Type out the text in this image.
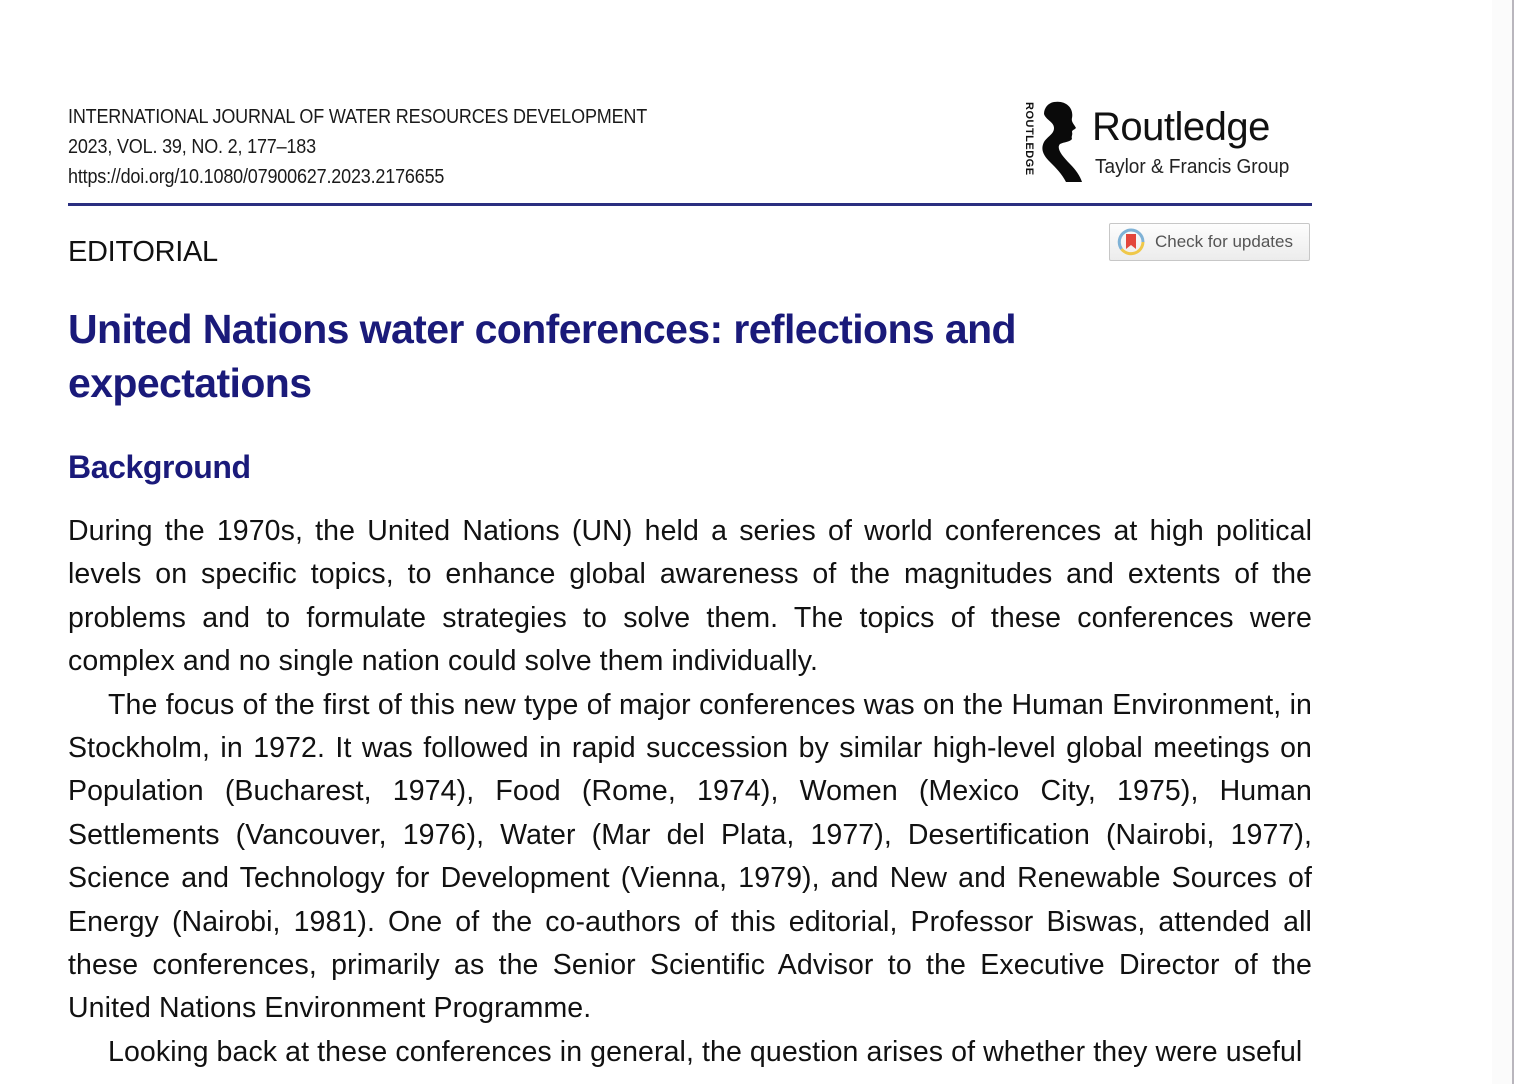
INTERNATIONAL JOURNAL OF WATER RESOURCES DEVELOPMENT
2023, VOL. 39, NO. 2, 177–183
https://doi.org/10.1080/07900627.2023.2176655
ROUTLEDGE Routledge
Taylor & Francis Group
EDITORIAL	Check for updates
United Nations water conferences: reflections and expectations
Background

During the 1970s, the United Nations (UN) held a series of world conferences at high political levels on specific topics, to enhance global awareness of the magnitudes and extents of the problems and to formulate strategies to solve them. The topics of these conferences were complex and no single nation could solve them individually.

The focus of the first of this new type of major conferences was on the Human Environment, in Stockholm, in 1972. It was followed in rapid succession by similar high-level global meetings on Population (Bucharest, 1974), Food (Rome, 1974), Women (Mexico City, 1975), Human Settlements (Vancouver, 1976), Water (Mar del Plata, 1977), Desertification (Nairobi, 1977), Science and Technology for Development (Vienna, 1979), and New and Renewable Sources of Energy (Nairobi, 1981). One of the co-authors of this editorial, Professor Biswas, attended all these conferences, primarily as the Senior Scientific Advisor to the Executive Director of the United Nations Environment Programme.

Looking back at these conferences in general, the question arises of whether they were useful
